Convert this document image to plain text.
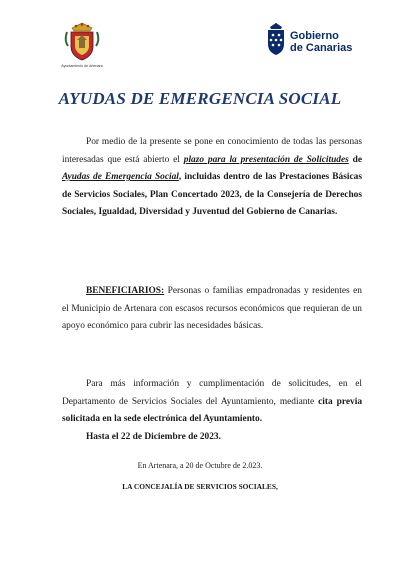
Ayuntamiento de Artenara
Gobierno
de Canarias
AYUDAS DE EMERGENCIA SOCIAL
Por medio de la presente se pone en conocimiento de todas las personas interesadas que está abierto el plazo para la presentación de Solicitudes de Ayudas de Emergencia Social, incluidas dentro de las Prestaciones Básicas de Servicios Sociales, Plan Concertado 2023, de la Consejería de Derechos Sociales, Igualdad, Diversidad y Juventud del Gobierno de Canarias.
BENEFICIARIOS: Personas o familias empadronadas y residentes en el Municipio de Artenara con escasos recursos económicos que requieran de un apoyo económico para cubrir las necesidades básicas.
Para más información y cumplimentación de solicitudes, en el Departamento de Servicios Sociales del Ayuntamiento, mediante cita previa solicitada en la sede electrónica del Ayuntamiento.
Hasta el 22 de Diciembre de 2023.
En Artenara, a 20 de Octubre de 2.023.
LA CONCEJALÍA DE SERVICIOS SOCIALES,
